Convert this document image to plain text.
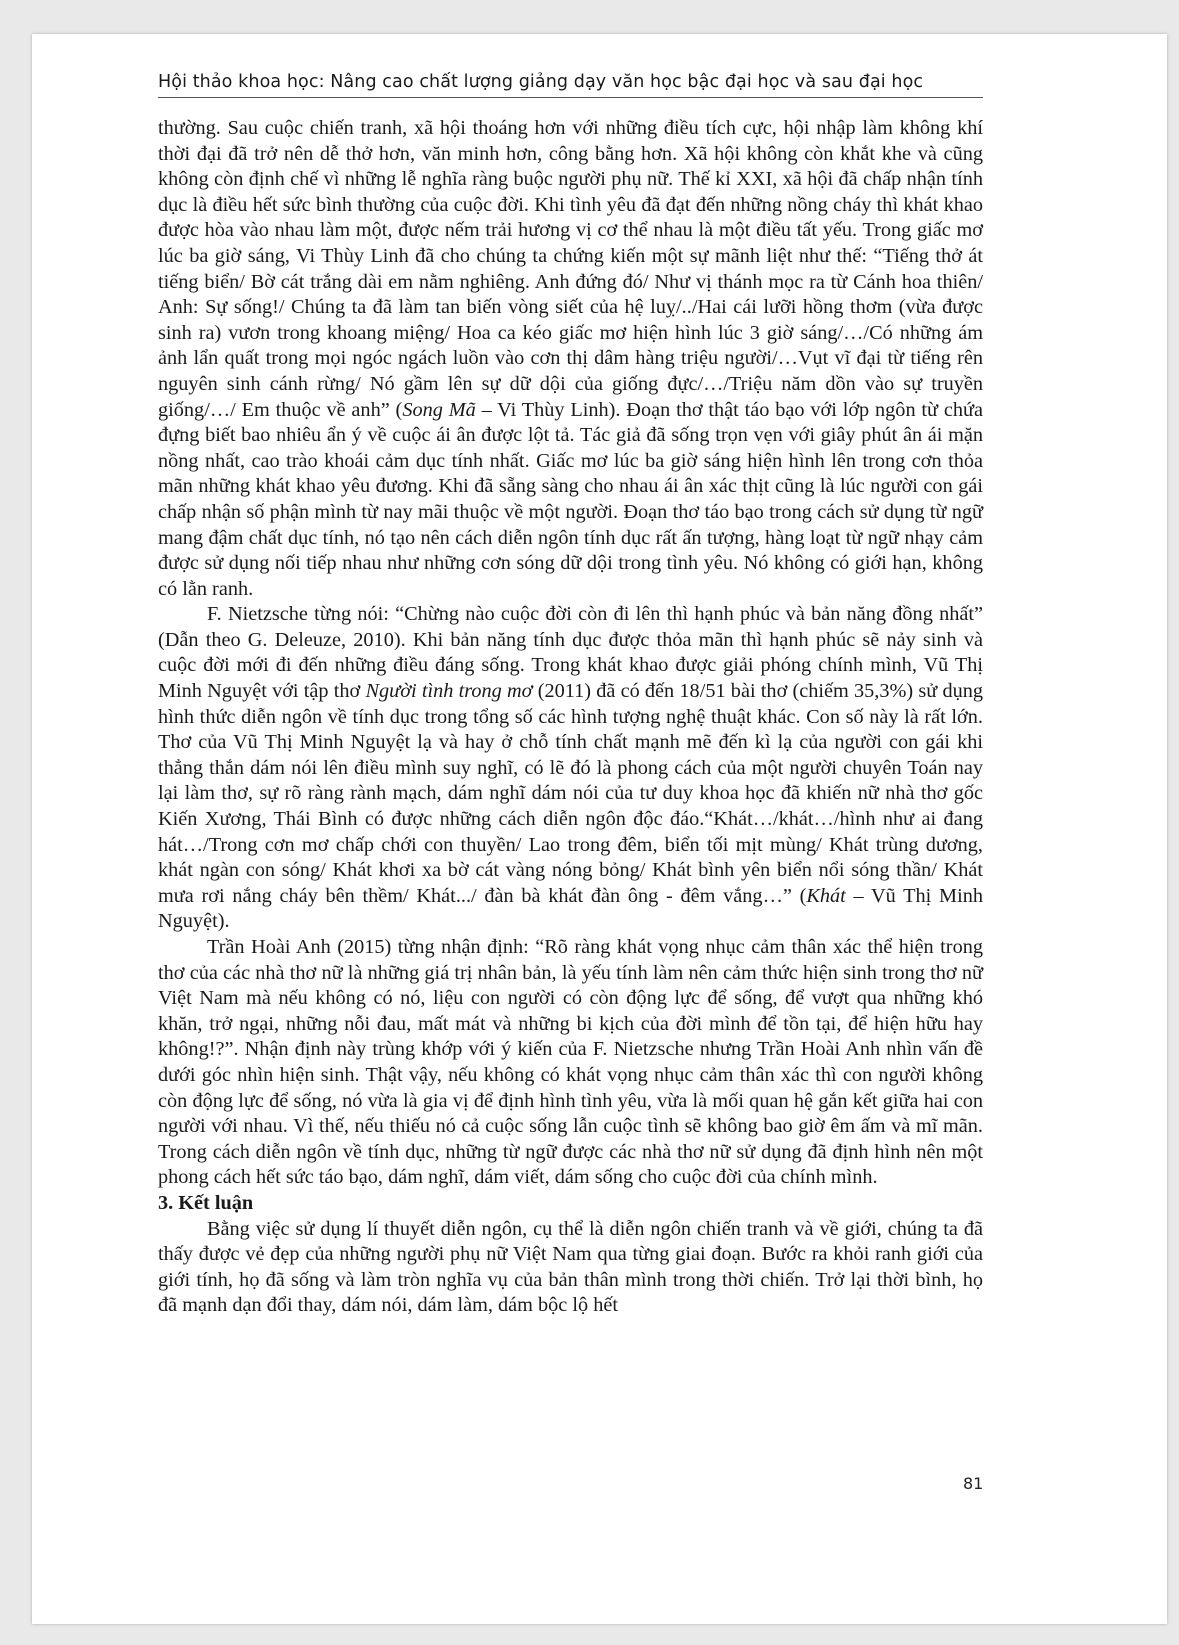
Hội thảo khoa học: Nâng cao chất lượng giảng dạy văn học bậc đại học và sau đại học

thường. Sau cuộc chiến tranh, xã hội thoáng hơn với những điều tích cực, hội nhập làm không khí thời đại đã trở nên dễ thở hơn, văn minh hơn, công bằng hơn. Xã hội không còn khắt khe và cũng không còn định chế vì những lễ nghĩa ràng buộc người phụ nữ. Thế kỉ XXI, xã hội đã chấp nhận tính dục là điều hết sức bình thường của cuộc đời. Khi tình yêu đã đạt đến những nồng cháy thì khát khao được hòa vào nhau làm một, được nếm trải hương vị cơ thể nhau là một điều tất yếu. Trong giấc mơ lúc ba giờ sáng, Vi Thùy Linh đã cho chúng ta chứng kiến một sự mãnh liệt như thế: “Tiếng thở át tiếng biển/ Bờ cát trắng dài em nằm nghiêng. Anh đứng đó/ Như vị thánh mọc ra từ Cánh hoa thiên/ Anh: Sự sống!/ Chúng ta đã làm tan biến vòng siết của hệ luỵ/../Hai cái lưỡi hồng thơm (vừa được sinh ra) vươn trong khoang miệng/ Hoa ca kéo giấc mơ hiện hình lúc 3 giờ sáng/…/Có những ám ảnh lẩn quất trong mọi ngóc ngách luồn vào cơn thị dâm hàng triệu người/…Vụt vĩ đại từ tiếng rên nguyên sinh cánh rừng/ Nó gầm lên sự dữ dội của giống đực/…/Triệu năm dồn vào sự truyền giống/…/ Em thuộc về anh” (Song Mã – Vi Thùy Linh). Đoạn thơ thật táo bạo với lớp ngôn từ chứa đựng biết bao nhiêu ẩn ý về cuộc ái ân được lột tả. Tác giả đã sống trọn vẹn với giây phút ân ái mặn nồng nhất, cao trào khoái cảm dục tính nhất. Giấc mơ lúc ba giờ sáng hiện hình lên trong cơn thỏa mãn những khát khao yêu đương. Khi đã sẵng sàng cho nhau ái ân xác thịt cũng là lúc người con gái chấp nhận số phận mình từ nay mãi thuộc về một người. Đoạn thơ táo bạo trong cách sử dụng từ ngữ mang đậm chất dục tính, nó tạo nên cách diễn ngôn tính dục rất ấn tượng, hàng loạt từ ngữ nhạy cảm được sử dụng nối tiếp nhau như những cơn sóng dữ dội trong tình yêu. Nó không có giới hạn, không có lằn ranh.

F. Nietzsche từng nói: “Chừng nào cuộc đời còn đi lên thì hạnh phúc và bản năng đồng nhất” (Dẫn theo G. Deleuze, 2010). Khi bản năng tính dục được thỏa mãn thì hạnh phúc sẽ nảy sinh và cuộc đời mới đi đến những điều đáng sống. Trong khát khao được giải phóng chính mình, Vũ Thị Minh Nguyệt với tập thơ Người tình trong mơ (2011) đã có đến 18/51 bài thơ (chiếm 35,3%) sử dụng hình thức diễn ngôn về tính dục trong tổng số các hình tượng nghệ thuật khác. Con số này là rất lớn. Thơ của Vũ Thị Minh Nguyệt lạ và hay ở chỗ tính chất mạnh mẽ đến kì lạ của người con gái khi thẳng thắn dám nói lên điều mình suy nghĩ, có lẽ đó là phong cách của một người chuyên Toán nay lại làm thơ, sự rõ ràng rành mạch, dám nghĩ dám nói của tư duy khoa học đã khiến nữ nhà thơ gốc Kiến Xương, Thái Bình có được những cách diễn ngôn độc đáo.“Khát…/khát…/hình như ai đang hát…/Trong cơn mơ chấp chới con thuyền/ Lao trong đêm, biển tối mịt mùng/ Khát trùng dương, khát ngàn con sóng/ Khát khơi xa bờ cát vàng nóng bỏng/ Khát bình yên biển nổi sóng thần/ Khát mưa rơi nắng cháy bên thềm/ Khát.../ đàn bà khát đàn ông - đêm vắng…” (Khát – Vũ Thị Minh Nguyệt).

Trần Hoài Anh (2015) từng nhận định: “Rõ ràng khát vọng nhục cảm thân xác thể hiện trong thơ của các nhà thơ nữ là những giá trị nhân bản, là yếu tính làm nên cảm thức hiện sinh trong thơ nữ Việt Nam mà nếu không có nó, liệu con người có còn động lực để sống, để vượt qua những khó khăn, trở ngại, những nỗi đau, mất mát và những bi kịch của đời mình để tồn tại, để hiện hữu hay không!?”. Nhận định này trùng khớp với ý kiến của F. Nietzsche nhưng Trần Hoài Anh nhìn vấn đề dưới góc nhìn hiện sinh. Thật vậy, nếu không có khát vọng nhục cảm thân xác thì con người không còn động lực để sống, nó vừa là gia vị để định hình tình yêu, vừa là mối quan hệ gắn kết giữa hai con người với nhau. Vì thế, nếu thiếu nó cả cuộc sống lẫn cuộc tình sẽ không bao giờ êm ấm và mĩ mãn. Trong cách diễn ngôn về tính dục, những từ ngữ được các nhà thơ nữ sử dụng đã định hình nên một phong cách hết sức táo bạo, dám nghĩ, dám viết, dám sống cho cuộc đời của chính mình.

3. Kết luận

Bằng việc sử dụng lí thuyết diễn ngôn, cụ thể là diễn ngôn chiến tranh và về giới, chúng ta đã thấy được vẻ đẹp của những người phụ nữ Việt Nam qua từng giai đoạn. Bước ra khỏi ranh giới của giới tính, họ đã sống và làm tròn nghĩa vụ của bản thân mình trong thời chiến. Trở lại thời bình, họ đã mạnh dạn đổi thay, dám nói, dám làm, dám bộc lộ hết

81
